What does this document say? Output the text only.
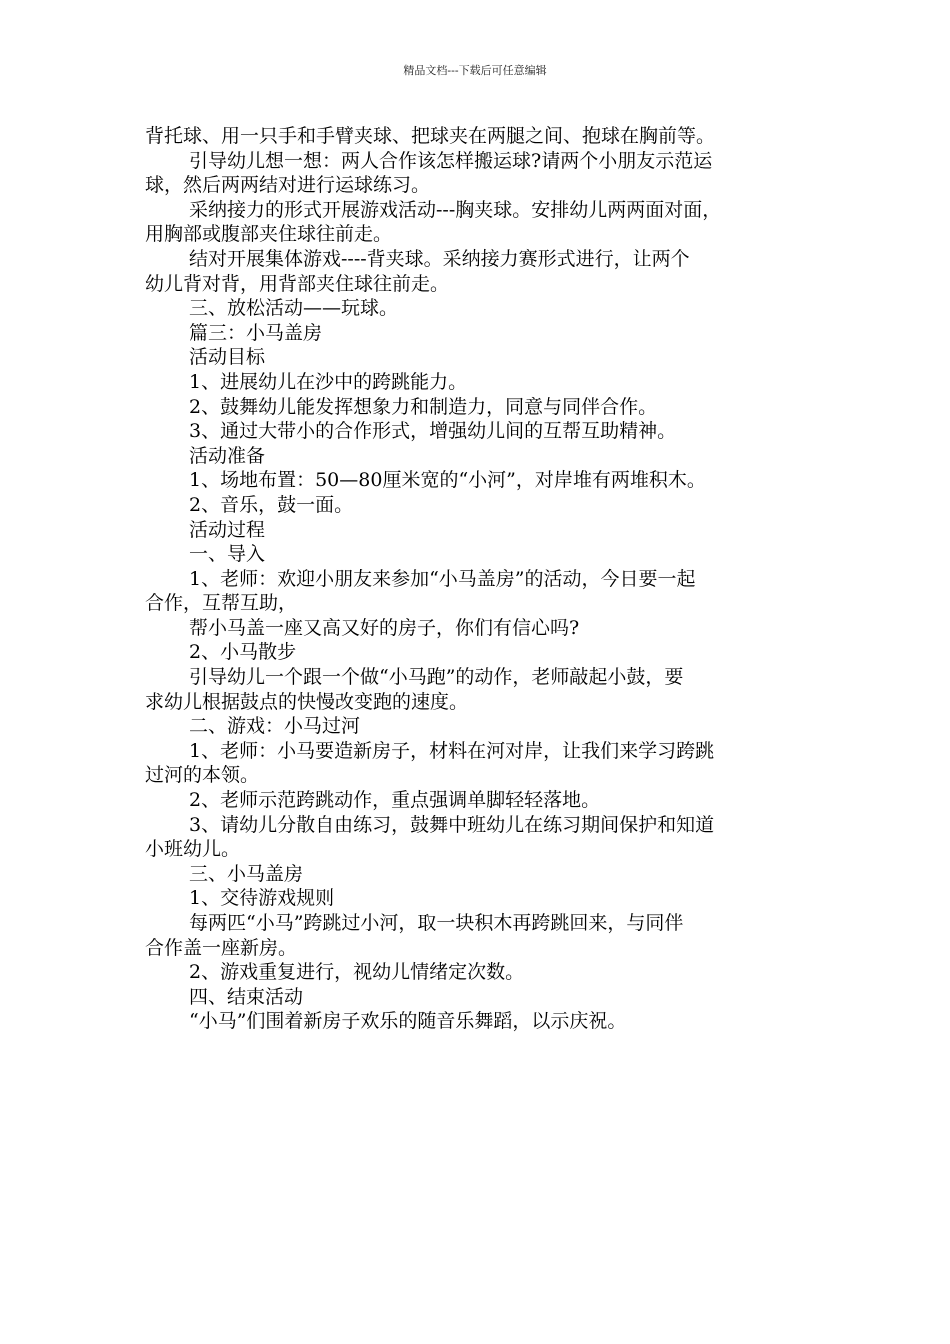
精品文档---下载后可任意编辑
背托球、用一只手和手臂夹球、把球夹在两腿之间、抱球在胸前等。
引导幼儿想一想：两人合作该怎样搬运球?请两个小朋友示范运
球，然后两两结对进行运球练习。
采纳接力的形式开展游戏活动---胸夹球。安排幼儿两两面对面，
用胸部或腹部夹住球往前走。
结对开展集体游戏----背夹球。采纳接力赛形式进行，让两个
幼儿背对背，用背部夹住球往前走。
三、放松活动——玩球。
篇三：小马盖房
活动目标
1、进展幼儿在沙中的跨跳能力。
2、鼓舞幼儿能发挥想象力和制造力，同意与同伴合作。
3、通过大带小的合作形式，增强幼儿间的互帮互助精神。
活动准备
1、场地布置：50—80厘米宽的“小河”，对岸堆有两堆积木。
2、音乐，鼓一面。
活动过程
一、导入
1、老师：欢迎小朋友来参加“小马盖房”的活动，今日要一起
合作，互帮互助，
帮小马盖一座又高又好的房子，你们有信心吗?
2、小马散步
引导幼儿一个跟一个做“小马跑”的动作，老师敲起小鼓，要
求幼儿根据鼓点的快慢改变跑的速度。
二、游戏：小马过河
1、老师：小马要造新房子，材料在河对岸，让我们来学习跨跳
过河的本领。
2、老师示范跨跳动作，重点强调单脚轻轻落地。
3、请幼儿分散自由练习，鼓舞中班幼儿在练习期间保护和知道
小班幼儿。
三、小马盖房
1、交待游戏规则
每两匹“小马”跨跳过小河，取一块积木再跨跳回来，与同伴
合作盖一座新房。
2、游戏重复进行，视幼儿情绪定次数。
四、结束活动
“小马”们围着新房子欢乐的随音乐舞蹈，以示庆祝。
